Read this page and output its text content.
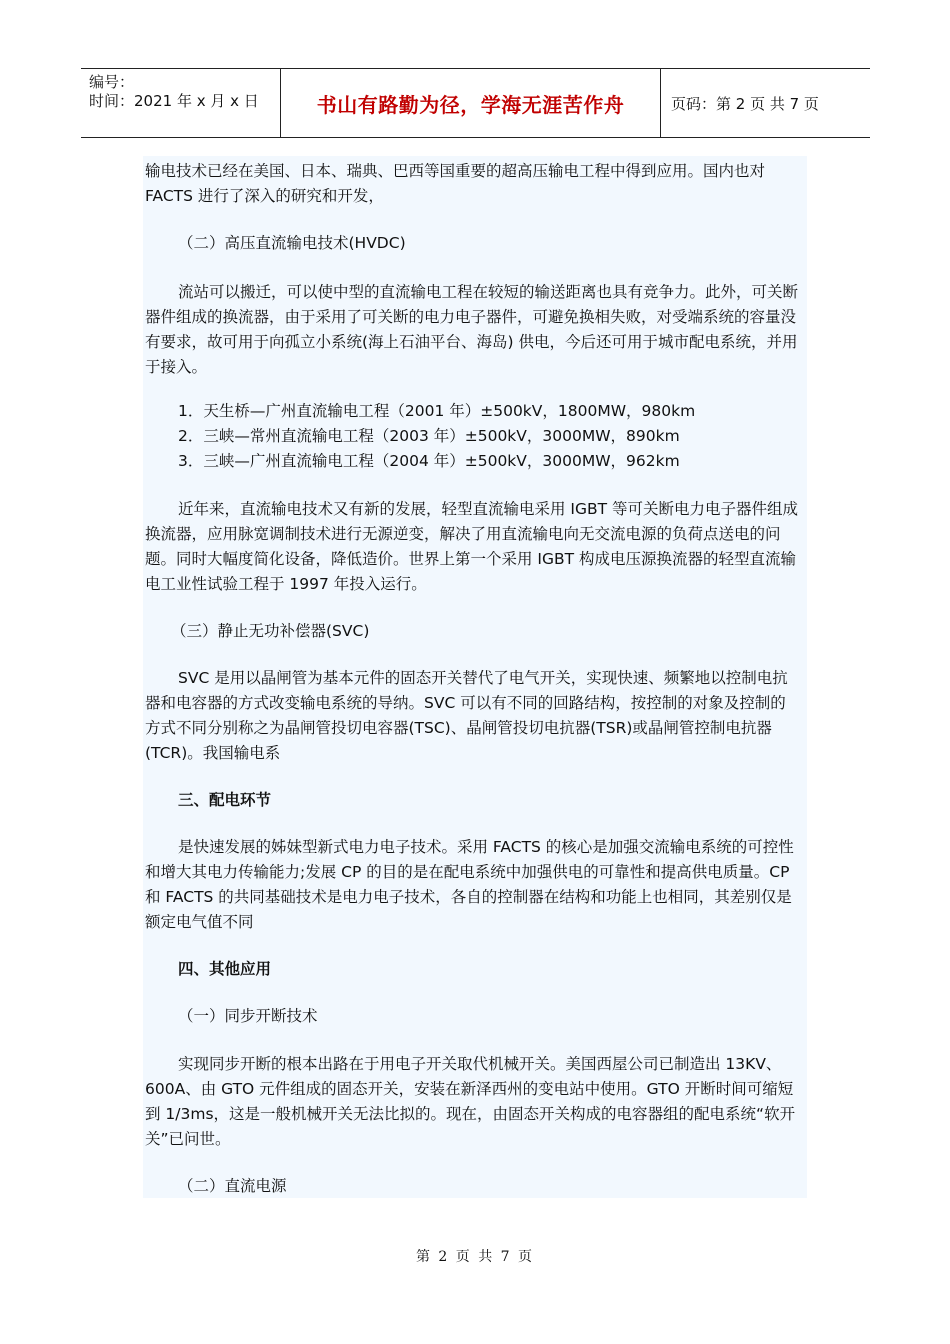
编号：
时间：2021 年 x 月 x 日	书山有路勤为径，学海无涯苦作舟	页码：第 2 页 共 7 页

输电技术已经在美国、日本、瑞典、巴西等国重要的超高压输电工程中得到应用。国内也对 FACTS 进行了深入的研究和开发，

（二）高压直流输电技术(HVDC)

流站可以搬迁，可以使中型的直流输电工程在较短的输送距离也具有竞争力。此外，可关断器件组成的换流器，由于采用了可关断的电力电子器件，可避免换相失败，对受端系统的容量没有要求，故可用于向孤立小系统(海上石油平台、海岛) 供电，今后还可用于城市配电系统，并用于接入。

1．天生桥—广州直流输电工程（2001 年）±500kV，1800MW，980km

2．三峡—常州直流输电工程（2003 年）±500kV，3000MW，890km

3．三峡—广州直流输电工程（2004 年）±500kV，3000MW，962km

近年来，直流输电技术又有新的发展，轻型直流输电采用 IGBT 等可关断电力电子器件组成换流器，应用脉宽调制技术进行无源逆变，解决了用直流输电向无交流电源的负荷点送电的问题。同时大幅度简化设备，降低造价。世界上第一个采用 IGBT 构成电压源换流器的轻型直流输电工业性试验工程于 1997 年投入运行。

（三）静止无功补偿器(SVC)

SVC 是用以晶闸管为基本元件的固态开关替代了电气开关，实现快速、频繁地以控制电抗器和电容器的方式改变输电系统的导纳。SVC 可以有不同的回路结构，按控制的对象及控制的方式不同分别称之为晶闸管投切电容器(TSC)、晶闸管投切电抗器(TSR)或晶闸管控制电抗器(TCR)。我国输电系

三、配电环节

是快速发展的姊妹型新式电力电子技术。采用 FACTS 的核心是加强交流输电系统的可控性和增大其电力传输能力;发展 CP 的目的是在配电系统中加强供电的可靠性和提高供电质量。CP 和 FACTS 的共同基础技术是电力电子技术，各自的控制器在结构和功能上也相同，其差别仅是额定电气值不同

四、其他应用

（一）同步开断技术

实现同步开断的根本出路在于用电子开关取代机械开关。美国西屋公司已制造出 13KV、600A、由 GTO 元件组成的固态开关，安装在新泽西州的变电站中使用。GTO 开断时间可缩短到 1/3ms，这是一般机械开关无法比拟的。现在，由固态开关构成的电容器组的配电系统“软开关”已问世。

（二）直流电源

第 2 页 共 7 页
